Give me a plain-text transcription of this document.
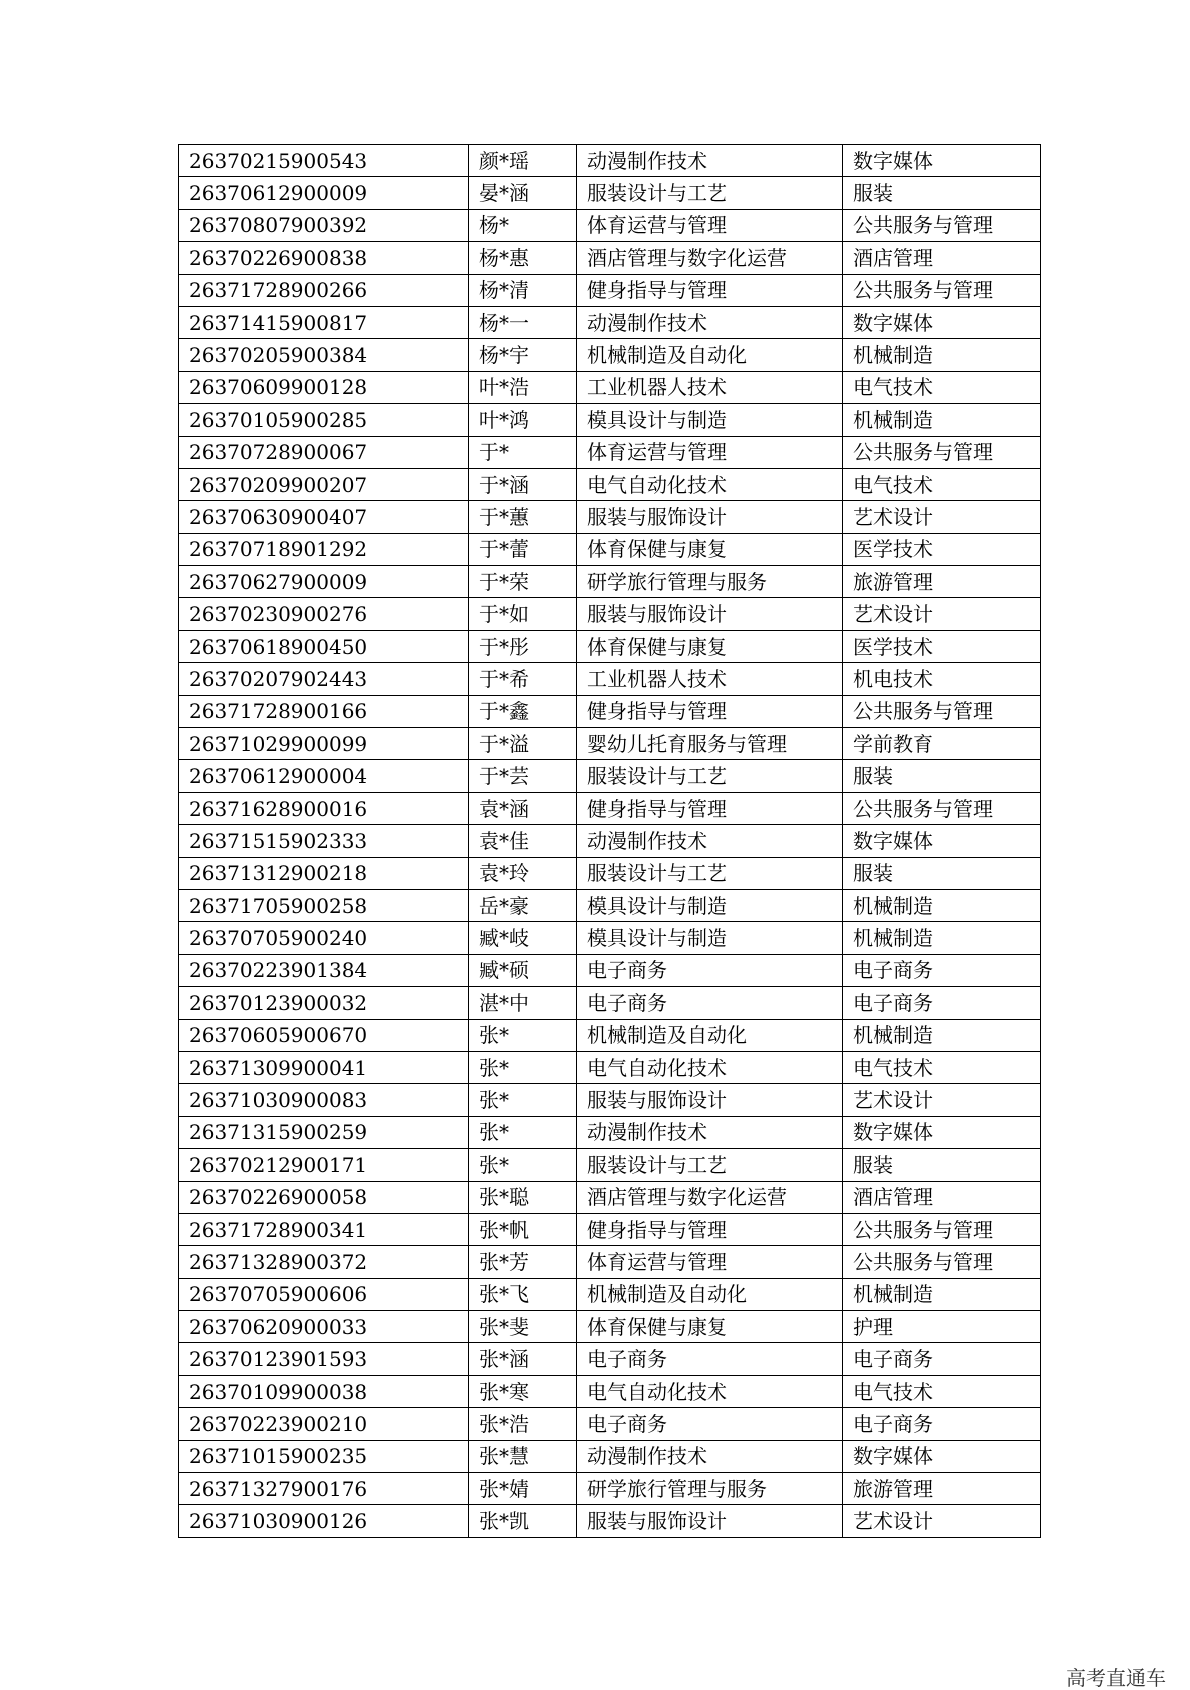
26370215900543	颜*瑶	动漫制作技术	数字媒体
26370612900009	晏*涵	服装设计与工艺	服装
26370807900392	杨*	体育运营与管理	公共服务与管理
26370226900838	杨*惠	酒店管理与数字化运营	酒店管理
26371728900266	杨*清	健身指导与管理	公共服务与管理
26371415900817	杨*一	动漫制作技术	数字媒体
26370205900384	杨*宇	机械制造及自动化	机械制造
26370609900128	叶*浩	工业机器人技术	电气技术
26370105900285	叶*鸿	模具设计与制造	机械制造
26370728900067	于*	体育运营与管理	公共服务与管理
26370209900207	于*涵	电气自动化技术	电气技术
26370630900407	于*蕙	服装与服饰设计	艺术设计
26370718901292	于*蕾	体育保健与康复	医学技术
26370627900009	于*荣	研学旅行管理与服务	旅游管理
26370230900276	于*如	服装与服饰设计	艺术设计
26370618900450	于*彤	体育保健与康复	医学技术
26370207902443	于*希	工业机器人技术	机电技术
26371728900166	于*鑫	健身指导与管理	公共服务与管理
26371029900099	于*溢	婴幼儿托育服务与管理	学前教育
26370612900004	于*芸	服装设计与工艺	服装
26371628900016	袁*涵	健身指导与管理	公共服务与管理
26371515902333	袁*佳	动漫制作技术	数字媒体
26371312900218	袁*玲	服装设计与工艺	服装
26371705900258	岳*豪	模具设计与制造	机械制造
26370705900240	臧*岐	模具设计与制造	机械制造
26370223901384	臧*硕	电子商务	电子商务
26370123900032	湛*中	电子商务	电子商务
26370605900670	张*	机械制造及自动化	机械制造
26371309900041	张*	电气自动化技术	电气技术
26371030900083	张*	服装与服饰设计	艺术设计
26371315900259	张*	动漫制作技术	数字媒体
26370212900171	张*	服装设计与工艺	服装
26370226900058	张*聪	酒店管理与数字化运营	酒店管理
26371728900341	张*帆	健身指导与管理	公共服务与管理
26371328900372	张*芳	体育运营与管理	公共服务与管理
26370705900606	张*飞	机械制造及自动化	机械制造
26370620900033	张*斐	体育保健与康复	护理
26370123901593	张*涵	电子商务	电子商务
26370109900038	张*寒	电气自动化技术	电气技术
26370223900210	张*浩	电子商务	电子商务
26371015900235	张*慧	动漫制作技术	数字媒体
26371327900176	张*婧	研学旅行管理与服务	旅游管理
26371030900126	张*凯	服装与服饰设计	艺术设计
高考直通车
